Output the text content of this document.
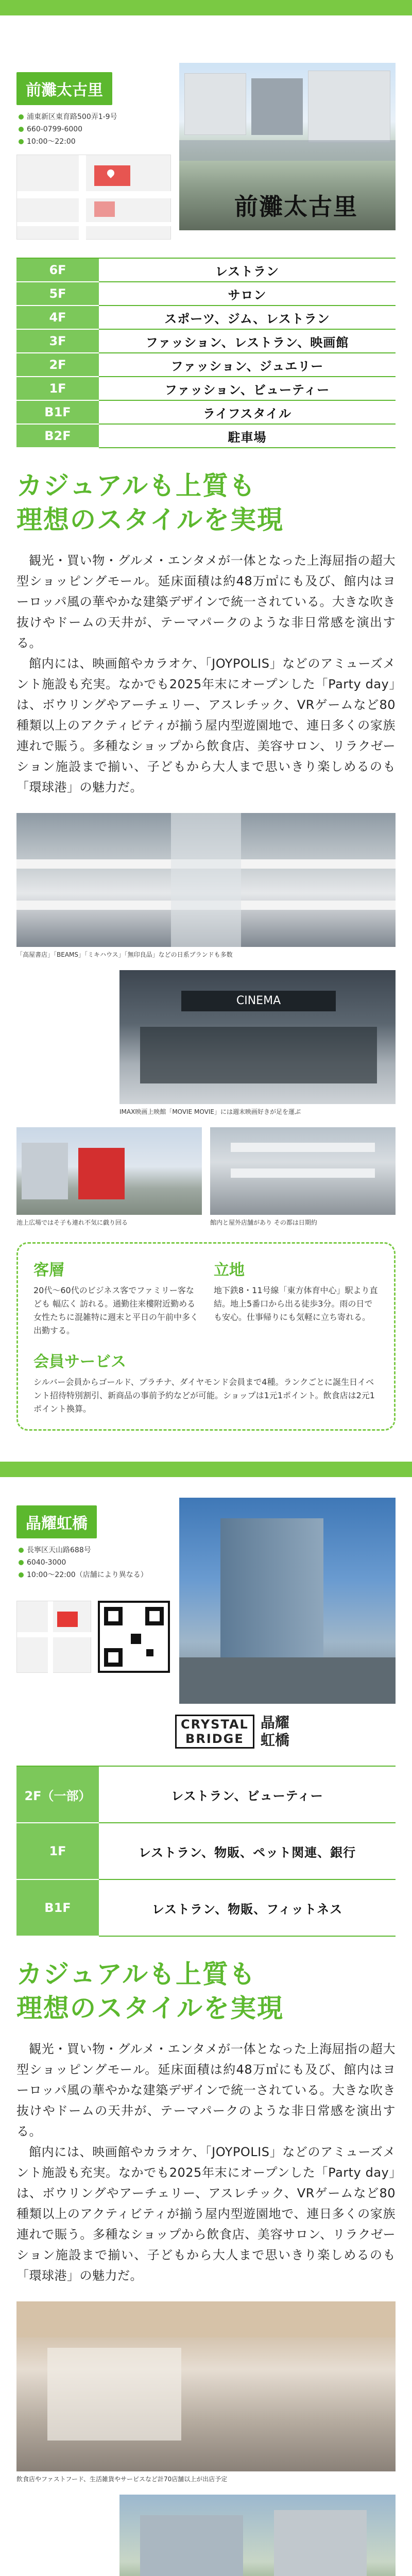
前灘太古里
浦東新区東育路500弄1-9号
660-0799-6000
10:00～22:00
前灘太古里
6F	レストラン
5F	サロン
4F	スポーツ、ジム、レストラン
3F	ファッション、レストラン、映画館
2F	ファッション、ジュエリー
1F	ファッション、ビューティー
B1F	ライフスタイル
B2F	駐車場
カジュアルも上質も
理想のスタイルを実現

観光・買い物・グルメ・エンタメが一体となった上海屈指の超大型ショッピングモール。延床面積は約48万㎡にも及び、館内はヨーロッパ風の華やかな建築デザインで統一されている。大きな吹き抜けやドームの天井が、テーマパークのような非日常感を演出する。

館内には、映画館やカラオケ、「JOYPOLIS」などのアミューズメント施設も充実。なかでも2025年末にオープンした「Party day」は、ボウリングやアーチェリー、アスレチック、VRゲームなど80種類以上のアクティビティが揃う屋内型遊園地で、連日多くの家族連れで賑う。多種なショップから飲食店、美容サロン、リラクゼーション施設まで揃い、子どもから大人まで思いきり楽しめるのも「環球港」の魅力だ。

「高屋書店」「BEAMS」「ミキハウス」「無印良品」などの日系ブランドも多数
CINEMA
IMAX映画上映館「MOVIE MOVIE」には週末映画好きが足を運ぶ
池上広場ではそ子も連れ不気に戯り回る	館内と屋外店舗があり その都は日期約
客層
20代～60代のビジネス客でファミリー客なども 幅広く 訪れる。通勤往来樓附近勤める女性たちに混雑特に週末と平日の午前中多く出勤する。
立地
地下鉄8・11号線「東方体育中心」駅より直結。地上5番口から出る徒歩3分。雨の日でも安心。仕事帰りにも気軽に立ち寄れる。
会員サービス
シルバー会員からゴールド、プラチナ、ダイヤモンド会員まで4種。ランクごとに誕生日イベント招待特別割引、新商品の事前予約などが可能。ショップは1元1ポイント。飲食店は2元1ポイント換算。
晶耀虹橋
長寧区天山路688号
6040-3000
10:00～22:00（店舗により異なる）
CRYSTAL
BRIDGE
晶耀
虹橋
2F（一部）	レストラン、ビューティー
1F	レストラン、物販、ペット関連、銀行
B1F	レストラン、物販、フィットネス
カジュアルも上質も
理想のスタイルを実現

観光・買い物・グルメ・エンタメが一体となった上海屈指の超大型ショッピングモール。延床面積は約48万㎡にも及び、館内はヨーロッパ風の華やかな建築デザインで統一されている。大きな吹き抜けやドームの天井が、テーマパークのような非日常感を演出する。

館内には、映画館やカラオケ、「JOYPOLIS」などのアミューズメント施設も充実。なかでも2025年末にオープンした「Party day」は、ボウリングやアーチェリー、アスレチック、VRゲームなど80種類以上のアクティビティが揃う屋内型遊園地で、連日多くの家族連れで賑う。多種なショップから飲食店、美容サロン、リラクゼーション施設まで揃い、子どもから大人まで思いきり楽しめるのも「環球港」の魅力だ。

飲食店やファストフード、生活雑貨やサービスなど計70店舗以上が出店予定
